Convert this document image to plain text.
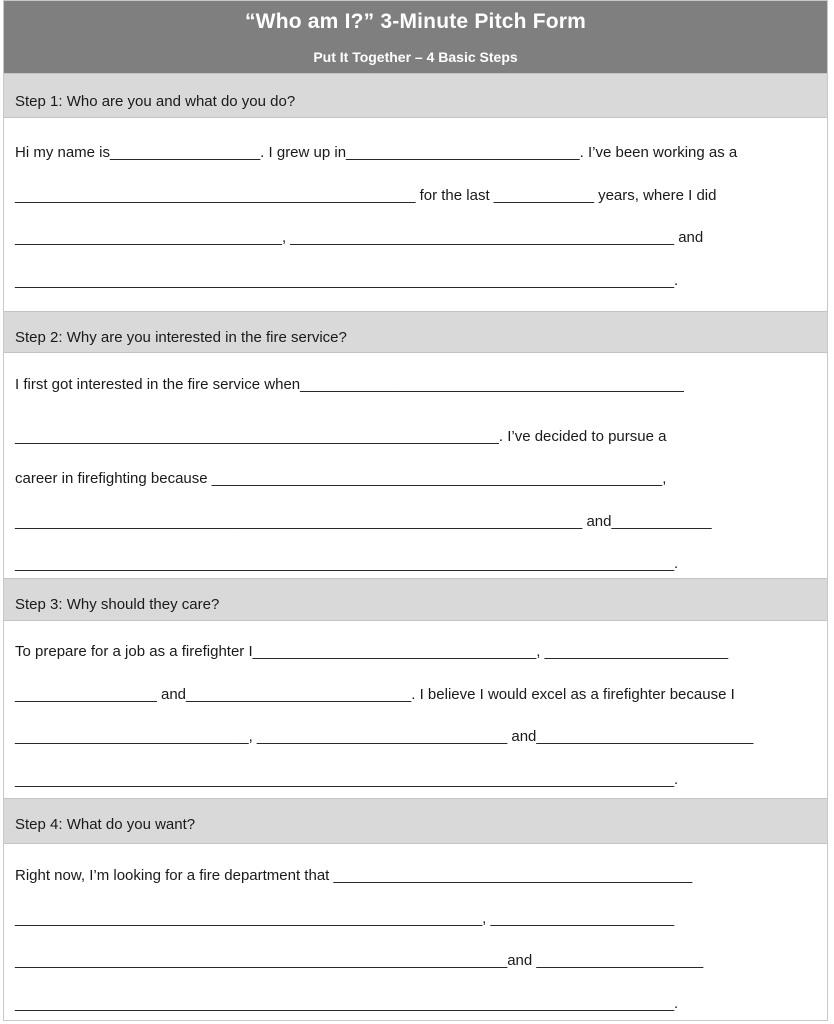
“Who am I?” 3-Minute Pitch Form
Put It Together – 4 Basic Steps
Step 1: Who are you and what do you do?
Hi my name is__________________. I grew up in____________________________. I’ve been working as a
________________________________________________ for the last ____________ years, where I did
________________________________, ______________________________________________ and
_______________________________________________________________________________.
Step 2: Why are you interested in the fire service?
I first got interested in the fire service when______________________________________________
__________________________________________________________. I’ve decided to pursue a
career in firefighting because ______________________________________________________,
____________________________________________________________________ and____________
_______________________________________________________________________________.
Step 3: Why should they care?
To prepare for a job as a firefighter I__________________________________, ______________________
_________________ and___________________________. I believe I would excel as a firefighter because I
____________________________, ______________________________ and__________________________
_______________________________________________________________________________.
Step 4: What do you want?
Right now, I’m looking for a fire department that ___________________________________________
________________________________________________________, ______________________
___________________________________________________________and ____________________
_______________________________________________________________________________.
